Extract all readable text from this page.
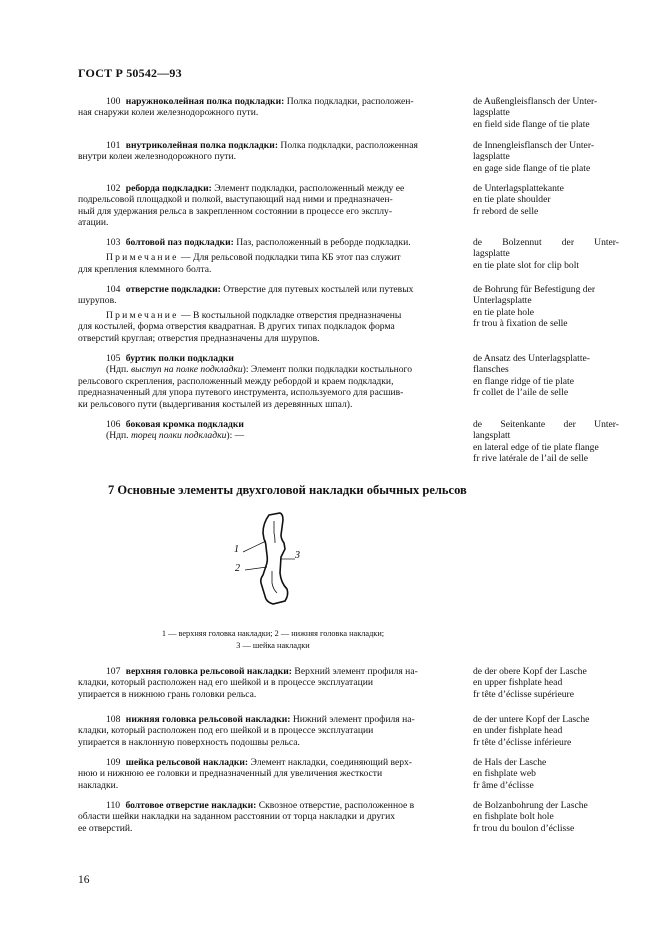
ГОСТ Р 50542—93

100 наружноколейная полка подкладки: Полка подкладки, расположен-

ная снаружи колеи железнодорожного пути.

de Außengleisflansch der Unter-
lagsplatte
en field side flange of tie plate

101 внутриколейная полка подкладки: Полка подкладки, расположенная

внутри колеи железнодорожного пути.

de Innengleisflansch der Unter-
lagsplatte
en gage side flange of tie plate

102 реборда подкладки: Элемент подкладки, расположенный между ее

подрельсовой площадкой и полкой, выступающий над ними и предназначен-

ный для удержания рельса в закрепленном состоянии в процессе его эксплу-

атации.

de Unterlagsplattekante
en tie plate shoulder
fr rebord de selle

103 болтовой паз подкладки: Паз, расположенный в реборде подкладки.

Примечание — Для рельсовой подкладки типа КБ этот паз служит

для крепления клеммного болта.

de Bolzennut der Unter-
lagsplatte
en tie plate slot for clip bolt

104 отверстие подкладки: Отверстие для путевых костылей или путевых

шурупов.

Примечание — В костыльной подкладке отверстия предназначены

для костылей, форма отверстия квадратная. В других типах подкладок форма

отверстий круглая; отверстия предназначены для шурупов.

de Bohrung für Befestigung der
Unterlagsplatte
en tie plate hole
fr trou à fixation de selle

105 буртик полки подкладки

(Ндп. выступ на полке подкладки): Элемент полки подкладки костыльного

рельсового скрепления, расположенный между ребордой и краем подкладки,

предназначенный для упора путевого инструмента, используемого для расшив-

ки рельсового пути (выдергивания костылей из деревянных шпал).

de Ansatz des Unterlagsplatte-
flansches
en flange ridge of tie plate
fr collet de l’aile de selle

106 боковая кромка подкладки

(Ндп. торец полки подкладки): —

de Seitenkante der Unter-
langsplatt
en lateral edge of tie plate flange
fr rive latérale de l’ail de selle
7 Основные элементы двухголовой накладки обычных рельсов
1
2
3
1 — верхняя головка накладки; 2 — нижняя головка накладки;
3 — шейка накладки

107 верхняя головка рельсовой накладки: Верхний элемент профиля на-

кладки, который расположен над его шейкой и в процессе эксплуатации

упирается в нижнюю грань головки рельса.

de der obere Kopf der Lasche
en upper fishplate head
fr tête d’éclisse supérieure

108 нижняя головка рельсовой накладки: Нижний элемент профиля на-

кладки, который расположен под его шейкой и в процессе эксплуатации

упирается в наклонную поверхность подошвы рельса.

de der untere Kopf der Lasche
en under fishplate head
fr tête d’éclisse inférieure

109 шейка рельсовой накладки: Элемент накладки, соединяющий верх-

нюю и нижнюю ее головки и предназначенный для увеличения жесткости

накладки.

de Hals der Lasche
en fishplate web
fr âme d’éclisse

110 болтовое отверстие накладки: Сквозное отверстие, расположенное в

области шейки накладки на заданном расстоянии от торца накладки и других

ее отверстий.

de Bolzanbohrung der Lasche
en fishplate bolt hole
fr trou du boulon d’éclisse
16
